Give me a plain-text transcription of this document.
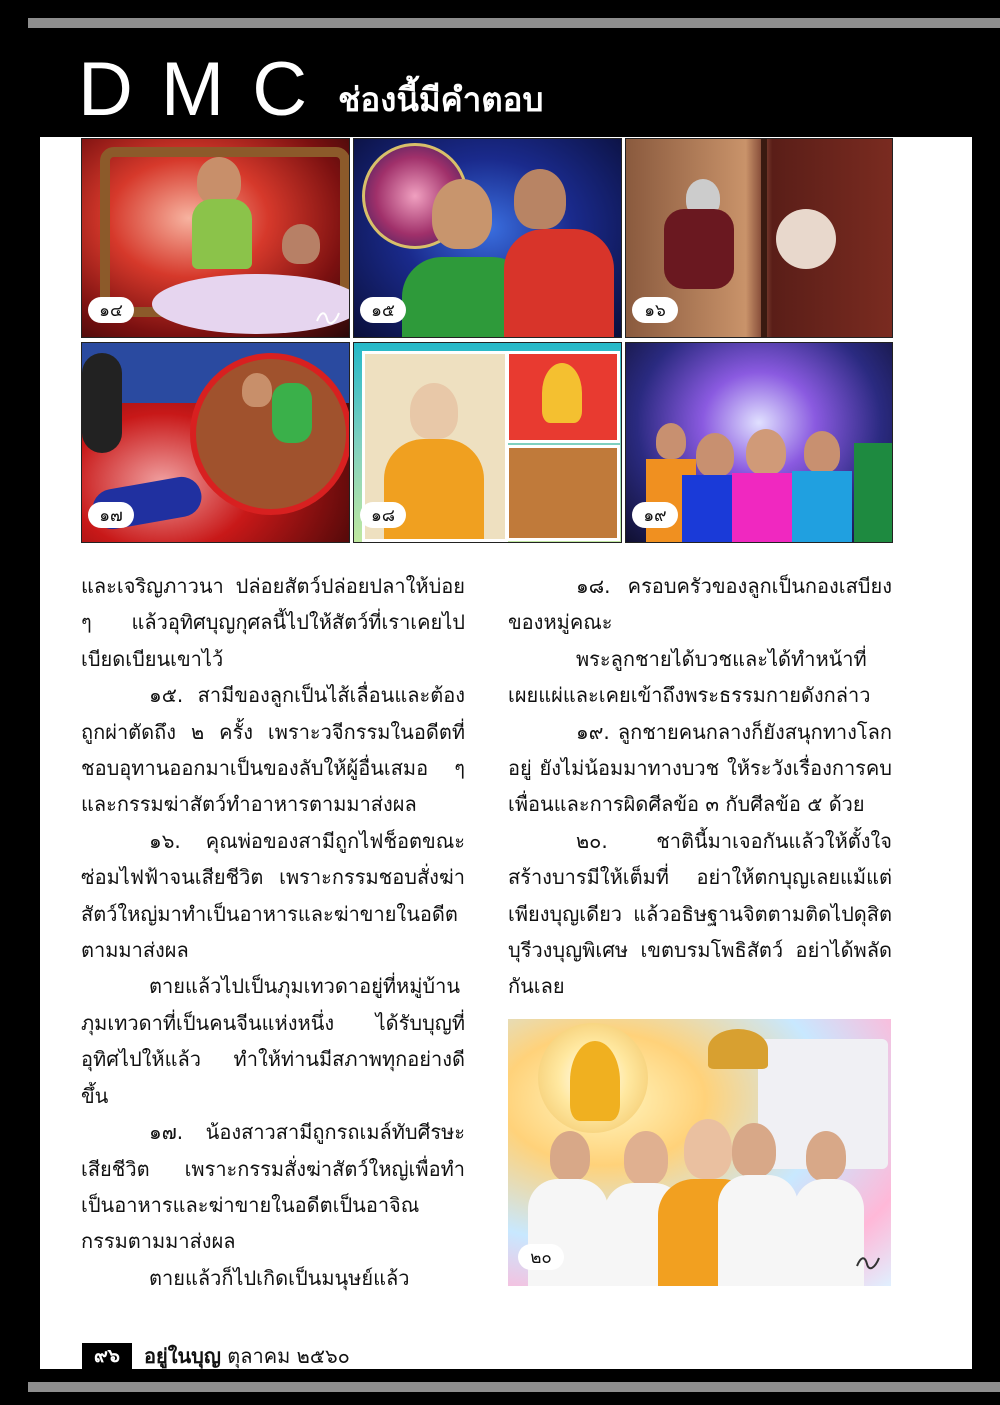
DMC ช่องนี้มีคำตอบ
๑๔	๑๕	๑๖
๑๗	๑๘	๑๙

และเจริญภาวนา ปล่อยสัตว์ปล่อยปลาให้บ่อย ๆ แล้วอุทิศบุญกุศลนี้ไปให้สัตว์ที่เราเคยไปเบียดเบียนเขาไว้

๑๕. สามีของลูกเป็นไส้เลื่อนและต้องถูกผ่าตัดถึง ๒ ครั้ง เพราะวจีกรรมในอดีตที่ชอบอุทานออกมาเป็นของลับให้ผู้อื่นเสมอ ๆ และกรรมฆ่าสัตว์ทำอาหารตามมาส่งผล

๑๖. คุณพ่อของสามีถูกไฟช็อตขณะซ่อมไฟฟ้าจนเสียชีวิต เพราะกรรมชอบสั่งฆ่าสัตว์ใหญ่มาทำเป็นอาหารและฆ่าขายในอดีตตามมาส่งผล

ตายแล้วไปเป็นภุมเทวดาอยู่ที่หมู่บ้านภุมเทวดาที่เป็นคนจีนแห่งหนึ่ง ได้รับบุญที่อุทิศไปให้แล้ว ทำให้ท่านมีสภาพทุกอย่างดีขึ้น

๑๗. น้องสาวสามีถูกรถเมล์ทับศีรษะเสียชีวิต เพราะกรรมสั่งฆ่าสัตว์ใหญ่เพื่อทำเป็นอาหารและฆ่าขายในอดีตเป็นอาจิณกรรมตามมาส่งผล

ตายแล้วก็ไปเกิดเป็นมนุษย์แล้ว

๑๘. ครอบครัวของลูกเป็นกองเสบียงของหมู่คณะ

พระลูกชายได้บวชและได้ทำหน้าที่เผยแผ่และเคยเข้าถึงพระธรรมกายดังกล่าว

๑๙. ลูกชายคนกลางก็ยังสนุกทางโลกอยู่ ยังไม่น้อมมาทางบวช ให้ระวังเรื่องการคบเพื่อนและการผิดศีลข้อ ๓ กับศีลข้อ ๕ ด้วย

๒๐. ชาตินี้มาเจอกันแล้วให้ตั้งใจสร้างบารมีให้เต็มที่ อย่าให้ตกบุญเลยแม้แต่เพียงบุญเดียว แล้วอธิษฐานจิตตามติดไปดุสิตบุรีวงบุญพิเศษ เขตบรมโพธิสัตว์ อย่าได้พลัดกันเลย

๒๐
๙๖	อยู่ในบุญ ตุลาคม ๒๕๖๐
